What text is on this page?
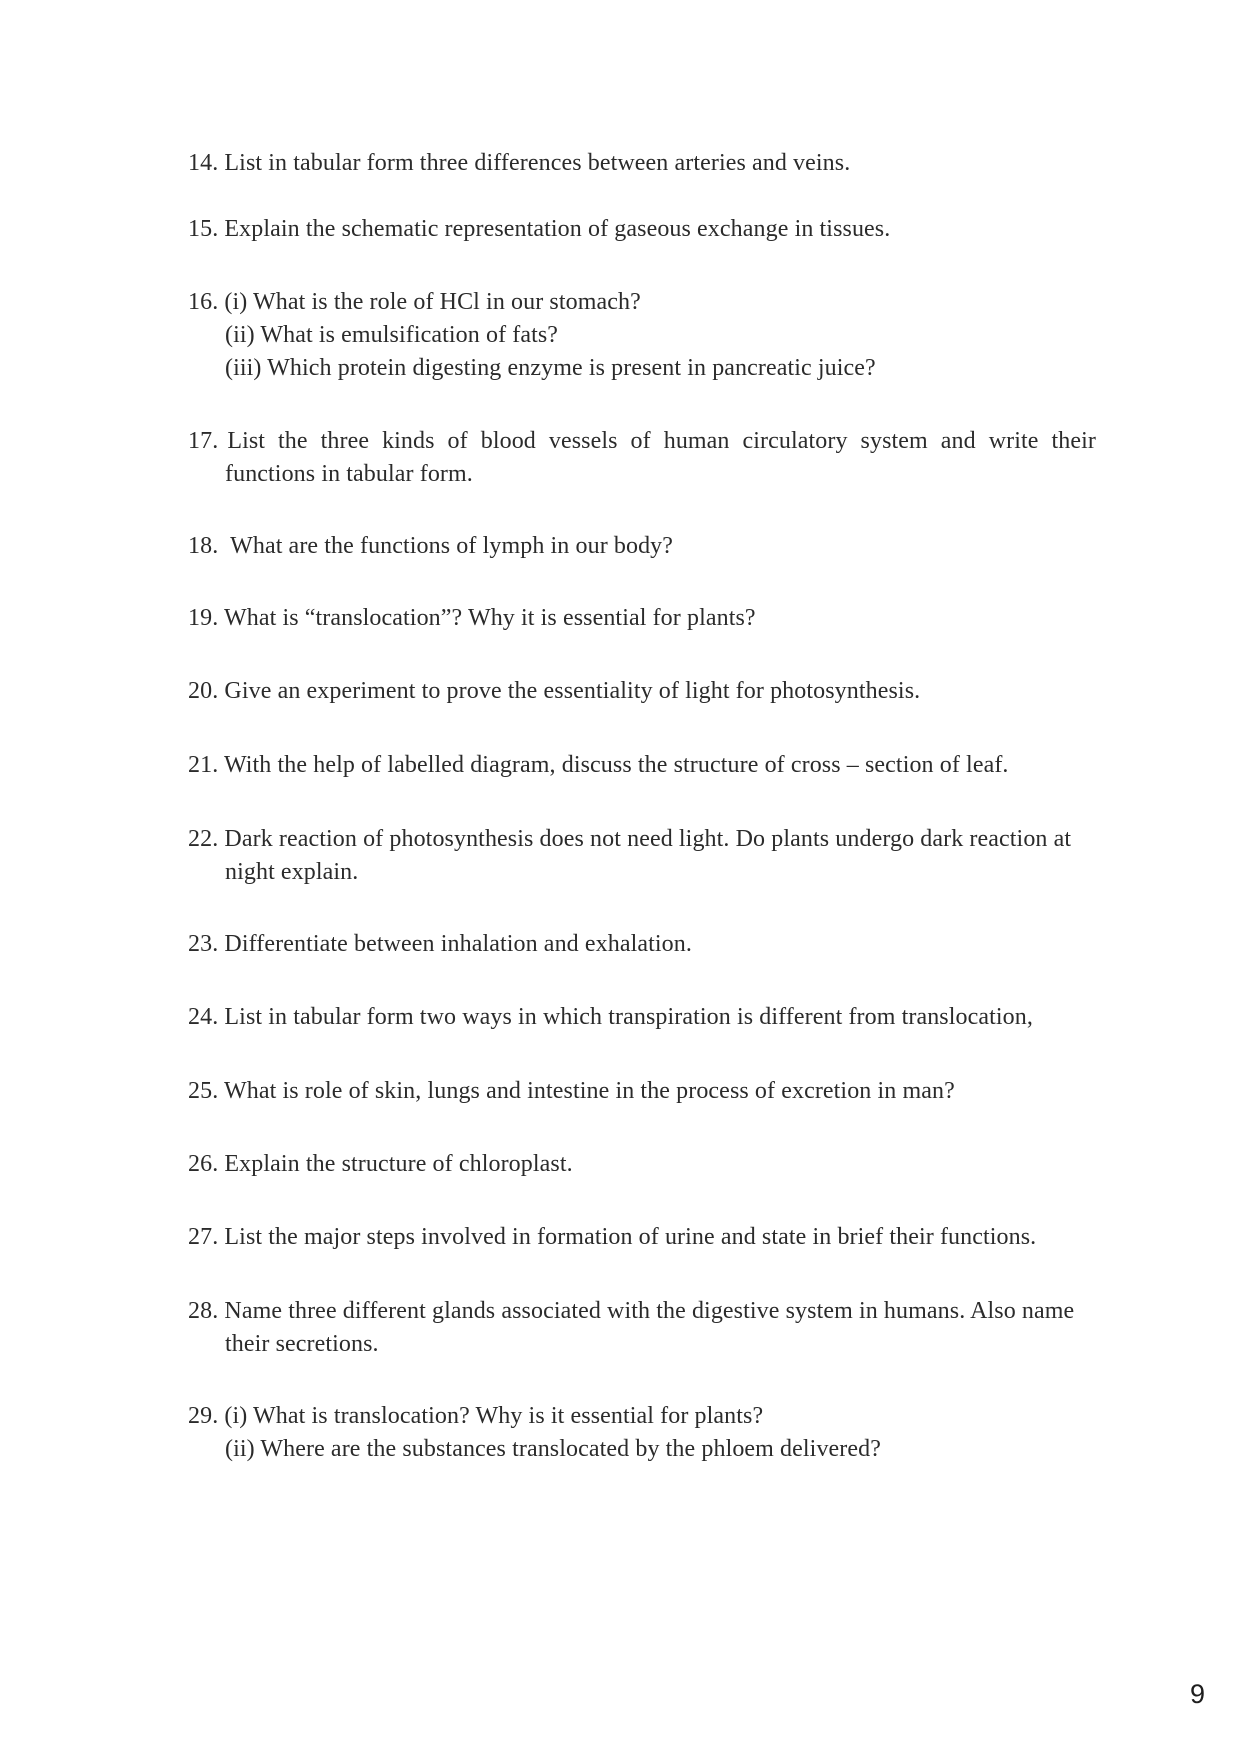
14. List in tabular form three differences between arteries and veins.
15. Explain the schematic representation of gaseous exchange in tissues.
16. (i) What is the role of HCl in our stomach?
(ii) What is emulsification of fats?
(iii) Which protein digesting enzyme is present in pancreatic juice?
17. List the three kinds of blood vessels of human circulatory system and write their
functions in tabular form.
18.  What are the functions of lymph in our body?
19. What is “translocation”? Why it is essential for plants?
20. Give an experiment to prove the essentiality of light for photosynthesis.
21. With the help of labelled diagram, discuss the structure of cross – section of leaf.
22. Dark reaction of photosynthesis does not need light. Do plants undergo dark reaction at
night explain.
23. Differentiate between inhalation and exhalation.
24. List in tabular form two ways in which transpiration is different from translocation,
25. What is role of skin, lungs and intestine in the process of excretion in man?
26. Explain the structure of chloroplast.
27. List the major steps involved in formation of urine and state in brief their functions.
28. Name three different glands associated with the digestive system in humans. Also name
their secretions.
29. (i) What is translocation? Why is it essential for plants?
(ii) Where are the substances translocated by the phloem delivered?
9
